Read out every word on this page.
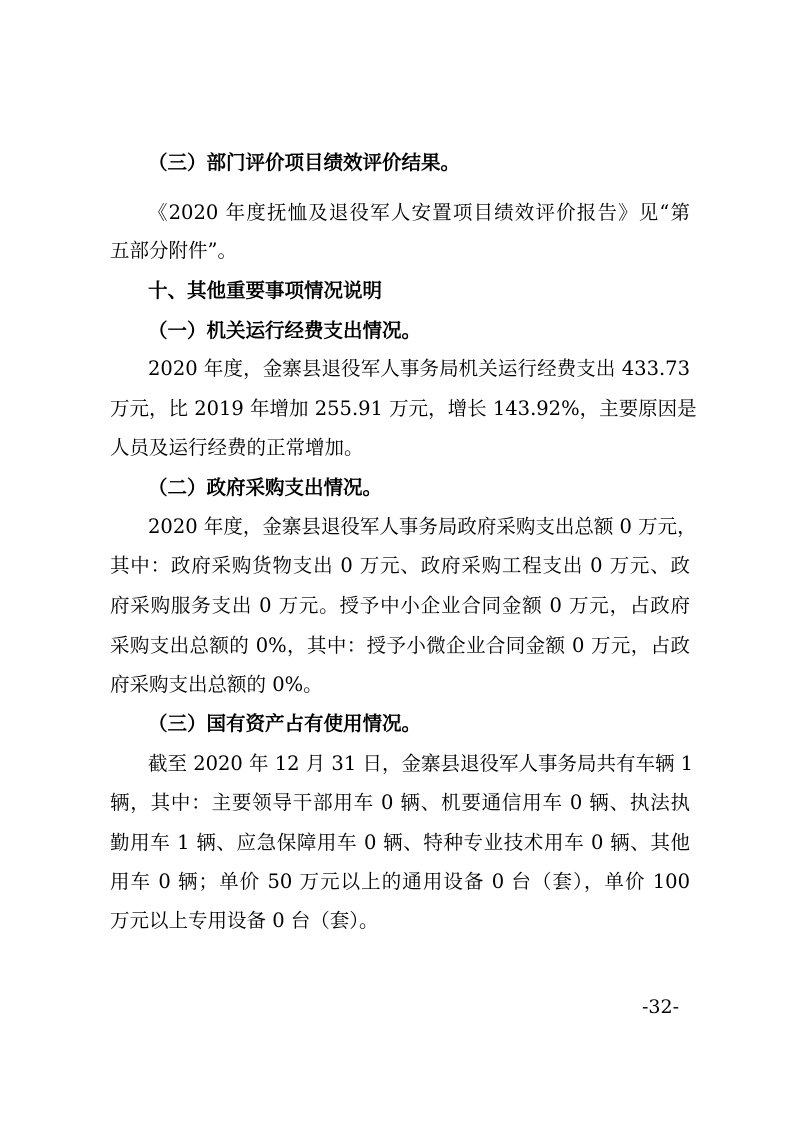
（三）部门评价项目绩效评价结果。
《2020 年度抚恤及退役军人安置项目绩效评价报告》见“第
五部分附件”。
十、其他重要事项情况说明
（一）机关运行经费支出情况。
2020 年度，金寨县退役军人事务局机关运行经费支出 433.73
万元，比 2019 年增加 255.91 万元，增长 143.92%，主要原因是
人员及运行经费的正常增加。
（二）政府采购支出情况。
2020 年度，金寨县退役军人事务局政府采购支出总额 0 万元，
其中：政府采购货物支出 0 万元、政府采购工程支出 0 万元、政
府采购服务支出 0 万元。授予中小企业合同金额 0 万元，占政府
采购支出总额的 0%，其中：授予小微企业合同金额 0 万元，占政
府采购支出总额的 0%。
（三）国有资产占有使用情况。
截至 2020 年 12 月 31 日，金寨县退役军人事务局共有车辆 1
辆，其中：主要领导干部用车 0 辆、机要通信用车 0 辆、执法执
勤用车 1 辆、应急保障用车 0 辆、特种专业技术用车 0 辆、其他
用车 0 辆；单价 50 万元以上的通用设备 0 台（套），单价 100
万元以上专用设备 0 台（套）。
-32-
